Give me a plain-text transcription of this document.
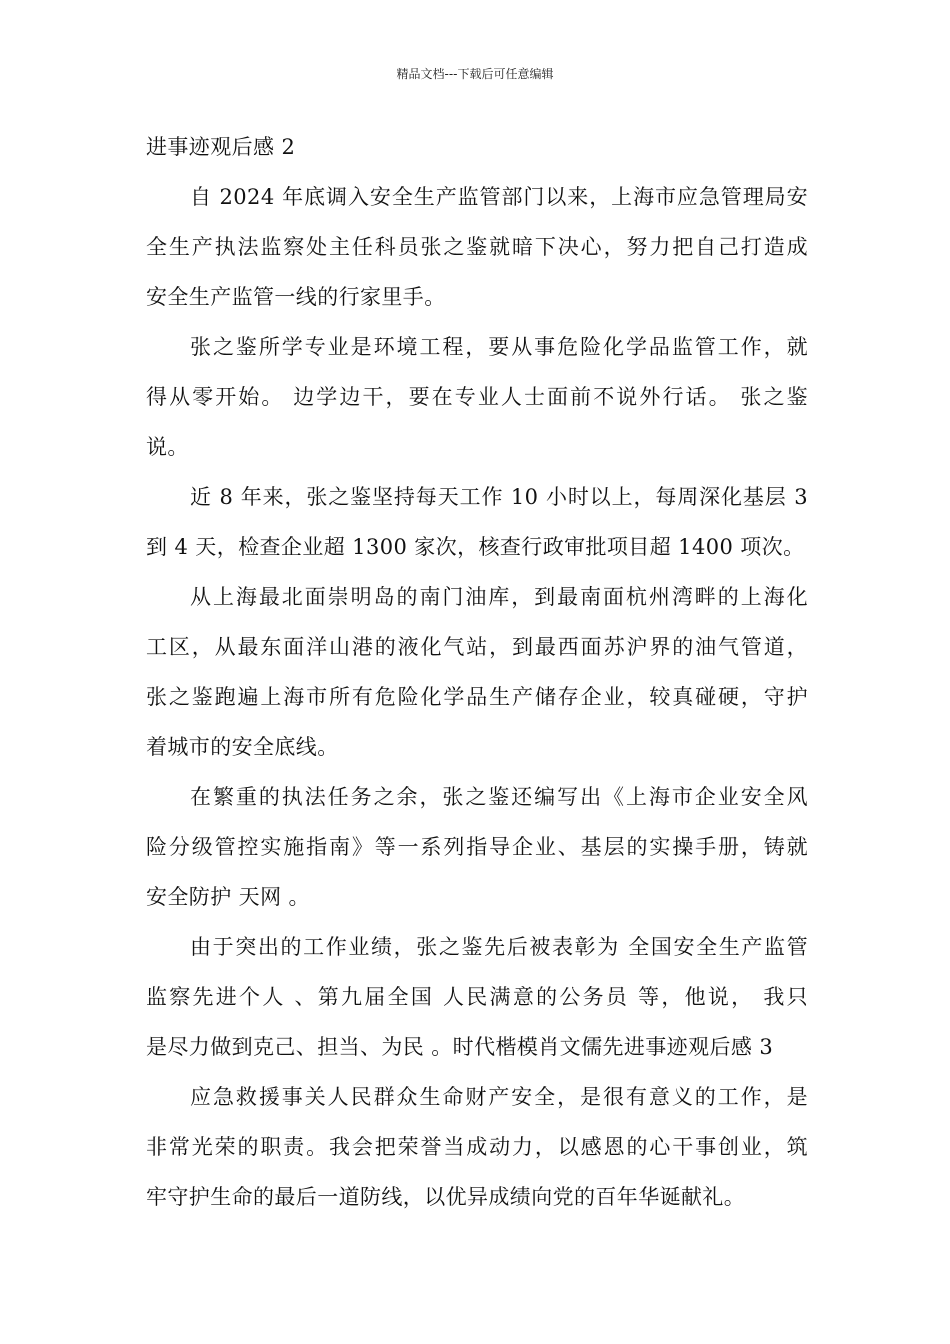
精品文档---下载后可任意编辑
进事迹观后感 2
自 2024 年底调入安全生产监管部门以来，上海市应急管理局安
全生产执法监察处主任科员张之鉴就暗下决心，努力把自己打造成
安全生产监管一线的行家里手。
张之鉴所学专业是环境工程，要从事危险化学品监管工作，就
得从零开始。 边学边干，要在专业人士面前不说外行话。 张之鉴
说。
近 8 年来，张之鉴坚持每天工作 10 小时以上，每周深化基层 3
到 4 天，检查企业超 1300 家次，核查行政审批项目超 1400 项次。
从上海最北面崇明岛的南门油库，到最南面杭州湾畔的上海化
工区，从最东面洋山港的液化气站，到最西面苏沪界的油气管道，
张之鉴跑遍上海市所有危险化学品生产储存企业，较真碰硬，守护
着城市的安全底线。
在繁重的执法任务之余，张之鉴还编写出《上海市企业安全风
险分级管控实施指南》等一系列指导企业、基层的实操手册，铸就
安全防护 天网 。
由于突出的工作业绩，张之鉴先后被表彰为 全国安全生产监管
监察先进个人 、第九届全国 人民满意的公务员 等，他说， 我只
是尽力做到克己、担当、为民 。时代楷模肖文儒先进事迹观后感 3
应急救援事关人民群众生命财产安全，是很有意义的工作，是
非常光荣的职责。我会把荣誉当成动力，以感恩的心干事创业，筑
牢守护生命的最后一道防线，以优异成绩向党的百年华诞献礼。
